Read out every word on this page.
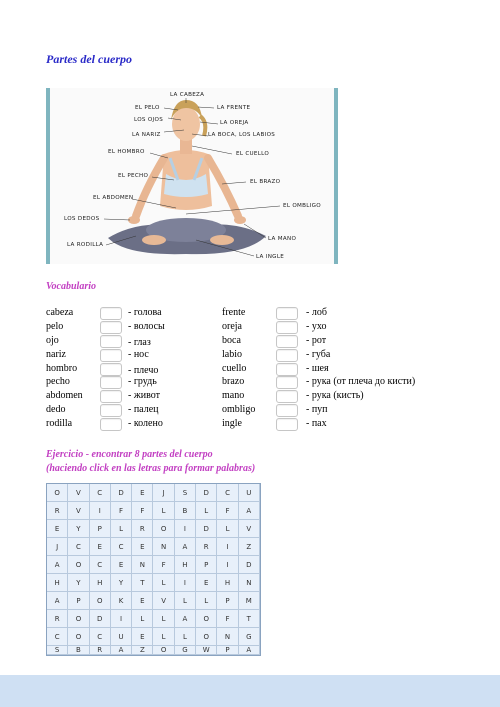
Partes del cuerpo
LA CABEZA
EL PELO
LOS OJOS
LA NARIZ
LA FRENTE
LA OREJA
LA BOCA, LOS LABIOS
EL HOMBRO	EL CUELLO
EL PECHO
EL BRAZO
EL ABDOMEN
EL OMBLIGO
LOS DEDOS
LA RODILLA
LA MANO
LA INGLE
Vocabulario
cabeza	- голова
pelo	- волосы
ojo	- глаз
nariz	- нос
hombro	- плечо
pecho	- грудь
abdomen	- живот
dedo	- палец
rodilla	- колено
frente	- лоб
oreja	- ухо
boca	- рот
labio	- губа
cuello	- шея
brazo	- рука (от плеча до кисти)
mano	- рука (кисть)
ombligo	- пуп
ingle	- пах
Ejercicio - encontrar 8 partes del cuerpo
(haciendo click en las letras para formar palabras)
O	V	C	D	E	J	S	D	C	U
R	V	I	F	F	L	B	L	F	A
E	Y	P	L	R	O	I	D	L	V
J	C	E	C	E	N	A	R	I	Z
A	O	C	E	N	F	H	P	I	D
H	Y	H	Y	T	L	I	E	H	N
A	P	O	K	E	V	L	L	P	M
R	O	D	I	L	L	A	O	F	T
C	O	C	U	E	L	L	O	N	G
S	B	R	A	Z	O	G	W	P	A
